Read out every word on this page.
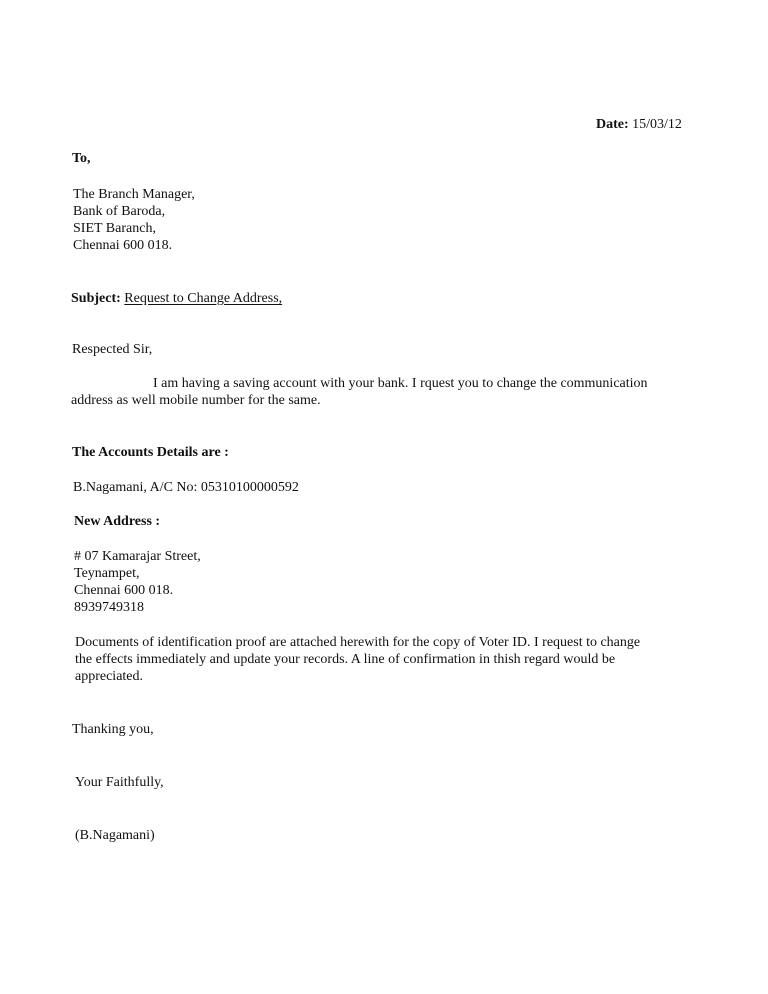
Date: 15/03/12
To,
The Branch Manager,
Bank of Baroda,
SIET Baranch,
Chennai 600 018.
Subject: Request to Change Address,
Respected Sir,
I am having a saving account with your bank. I rquest you to change the communication
address as well mobile number for the same.
The Accounts Details are :
B.Nagamani, A/C No: 05310100000592
New Address :
# 07 Kamarajar Street,
Teynampet,
Chennai 600 018.
8939749318
Documents of identification proof are attached herewith for the copy of Voter ID. I request to change
the effects immediately and update your records. A line of confirmation in thish regard would be
appreciated.
Thanking you,
Your Faithfully,
(B.Nagamani)
